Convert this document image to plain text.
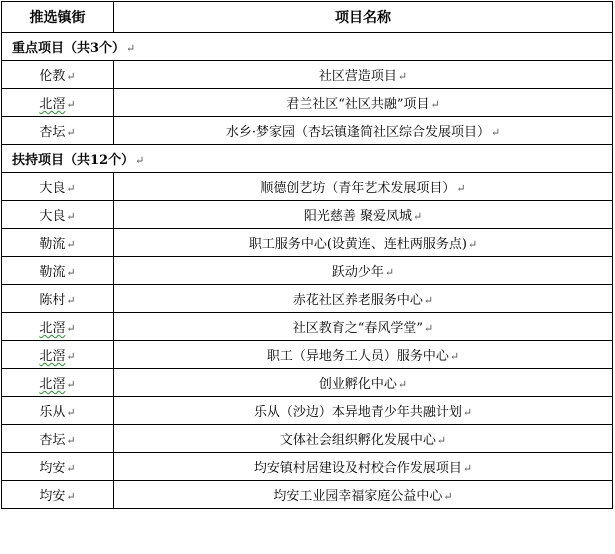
推选镇街	项目名称
重点项目（共3个）↵	
伦教↵	社区营造项目↵
北滘↵	君兰社区“社区共融”项目↵
杏坛↵	水乡·梦家园（杏坛镇逢简社区综合发展项目）↵
扶持项目（共12个）↵	
大良↵	顺德创艺坊（青年艺术发展项目）↵
大良↵	阳光慈善 聚爱凤城↵
勒流↵	职工服务中心(设黄连、连杜两服务点)↵
勒流↵	跃动少年↵
陈村↵	赤花社区养老服务中心↵
北滘↵	社区教育之“春风学堂”↵
北滘↵	职工（异地务工人员）服务中心↵
北滘↵	创业孵化中心↵
乐从↵	乐从（沙边）本异地青少年共融计划↵
杏坛↵	文体社会组织孵化发展中心↵
均安↵	均安镇村居建设及村校合作发展项目↵
均安↵	均安工业园幸福家庭公益中心↵
